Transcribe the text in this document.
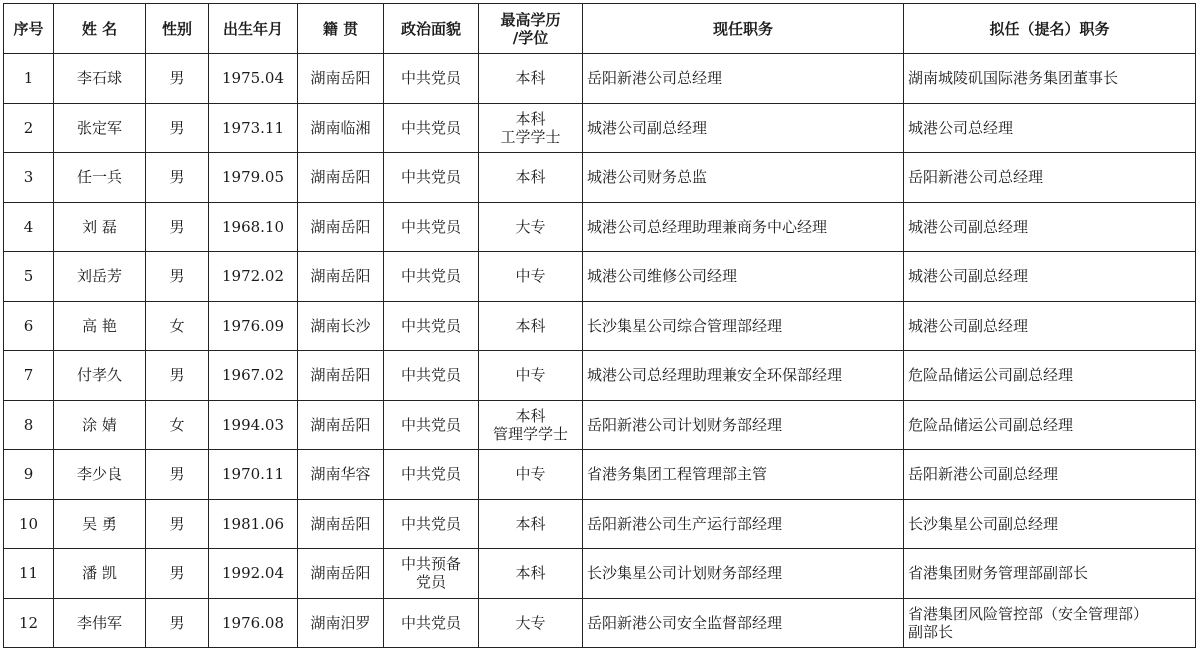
序号	姓 名	性别	出生年月	籍 贯	政治面貌	最高学历
/学位	现任职务	拟任（提名）职务
1	李石球	男	1975.04	湖南岳阳	中共党员	本科	岳阳新港公司总经理	湖南城陵矶国际港务集团董事长

2	张定军	男	1973.11	湖南临湘	中共党员	本科
工学学士	城港公司副总经理	城港公司总经理

3	任一兵	男	1979.05	湖南岳阳	中共党员	本科	城港公司财务总监	岳阳新港公司总经理

4	刘 磊	男	1968.10	湖南岳阳	中共党员	大专	城港公司总经理助理兼商务中心经理	城港公司副总经理

5	刘岳芳	男	1972.02	湖南岳阳	中共党员	中专	城港公司维修公司经理	城港公司副总经理

6	高 艳	女	1976.09	湖南长沙	中共党员	本科	长沙集星公司综合管理部经理	城港公司副总经理

7	付孝久	男	1967.02	湖南岳阳	中共党员	中专	城港公司总经理助理兼安全环保部经理	危险品储运公司副总经理

8	涂 婧	女	1994.03	湖南岳阳	中共党员	本科
管理学学士	岳阳新港公司计划财务部经理	危险品储运公司副总经理

9	李少良	男	1970.11	湖南华容	中共党员	中专	省港务集团工程管理部主管	岳阳新港公司副总经理

10	吴 勇	男	1981.06	湖南岳阳	中共党员	本科	岳阳新港公司生产运行部经理	长沙集星公司副总经理

11	潘 凯	男	1992.04	湖南岳阳	中共预备
党员	本科	长沙集星公司计划财务部经理	省港集团财务管理部副部长

12	李伟军	男	1976.08	湖南汨罗	中共党员	大专	岳阳新港公司安全监督部经理	省港集团风险管控部（安全管理部）
副部长
